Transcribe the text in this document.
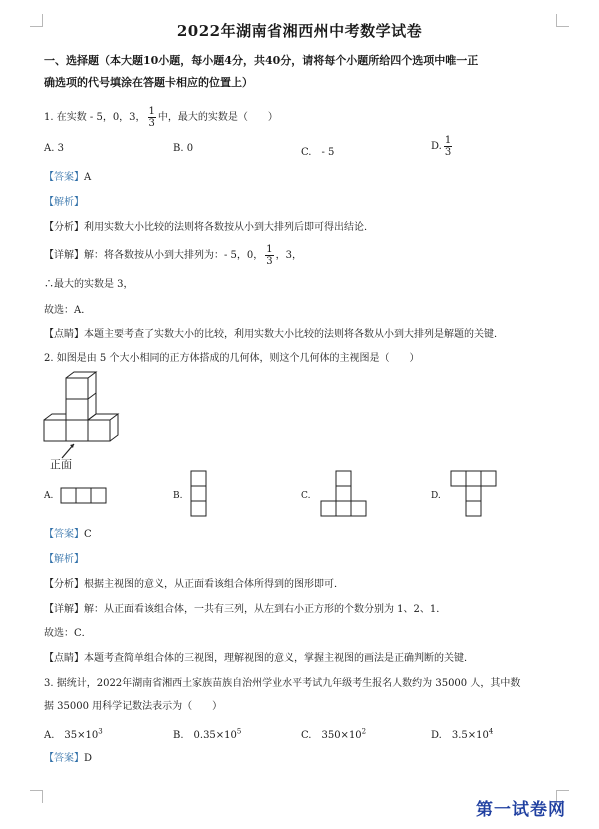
2022年湖南省湘西州中考数学试卷
一、选择题（本大题10小题，每小题4分，共40分，请将每个小题所给四个选项中唯一正
确选项的代号填涂在答题卡相应的位置上）
1. 在实数 - 5，0，3， $\frac{1}{3}$ 中，最大的实数是（　　）
A. 3	B. 0	C.　- 5
D. $\frac{1}{3}$
【答案】A
【解析】
【分析】利用实数大小比较的法则将各数按从小到大排列后即可得出结论．
【详解】解：将各数按从小到大排列为：- 5，0， $\frac{1}{3}$ ，3，
∴最大的实数是 3，
故选：A．
【点睛】本题主要考查了实数大小的比较，利用实数大小比较的法则将各数从小到大排列是解题的关键．
2. 如图是由 5 个大小相同的正方体搭成的几何体，则这个几何体的主视图是（　　）
正面
A.	B.	C.	D.
【答案】C
【解析】
【分析】根据主视图的意义，从正面看该组合体所得到的图形即可．
【详解】解：从正面看该组合体，一共有三列，从左到右小正方形的个数分别为 1、2、1．
故选：C．
【点睛】本题考查简单组合体的三视图，理解视图的意义，掌握主视图的画法是正确判断的关键．
3. 据统计，2022年湖南省湘西土家族苗族自治州学业水平考试九年级考生报名人数约为 35000 人，其中数
据 35000 用科学记数法表示为（　　）
A.　$35\times 10^3$	B.　$0.35\times 10^5$	C.　$350\times 10^2$	D.　$3.5\times 10^4$
【答案】D
第一试卷网
